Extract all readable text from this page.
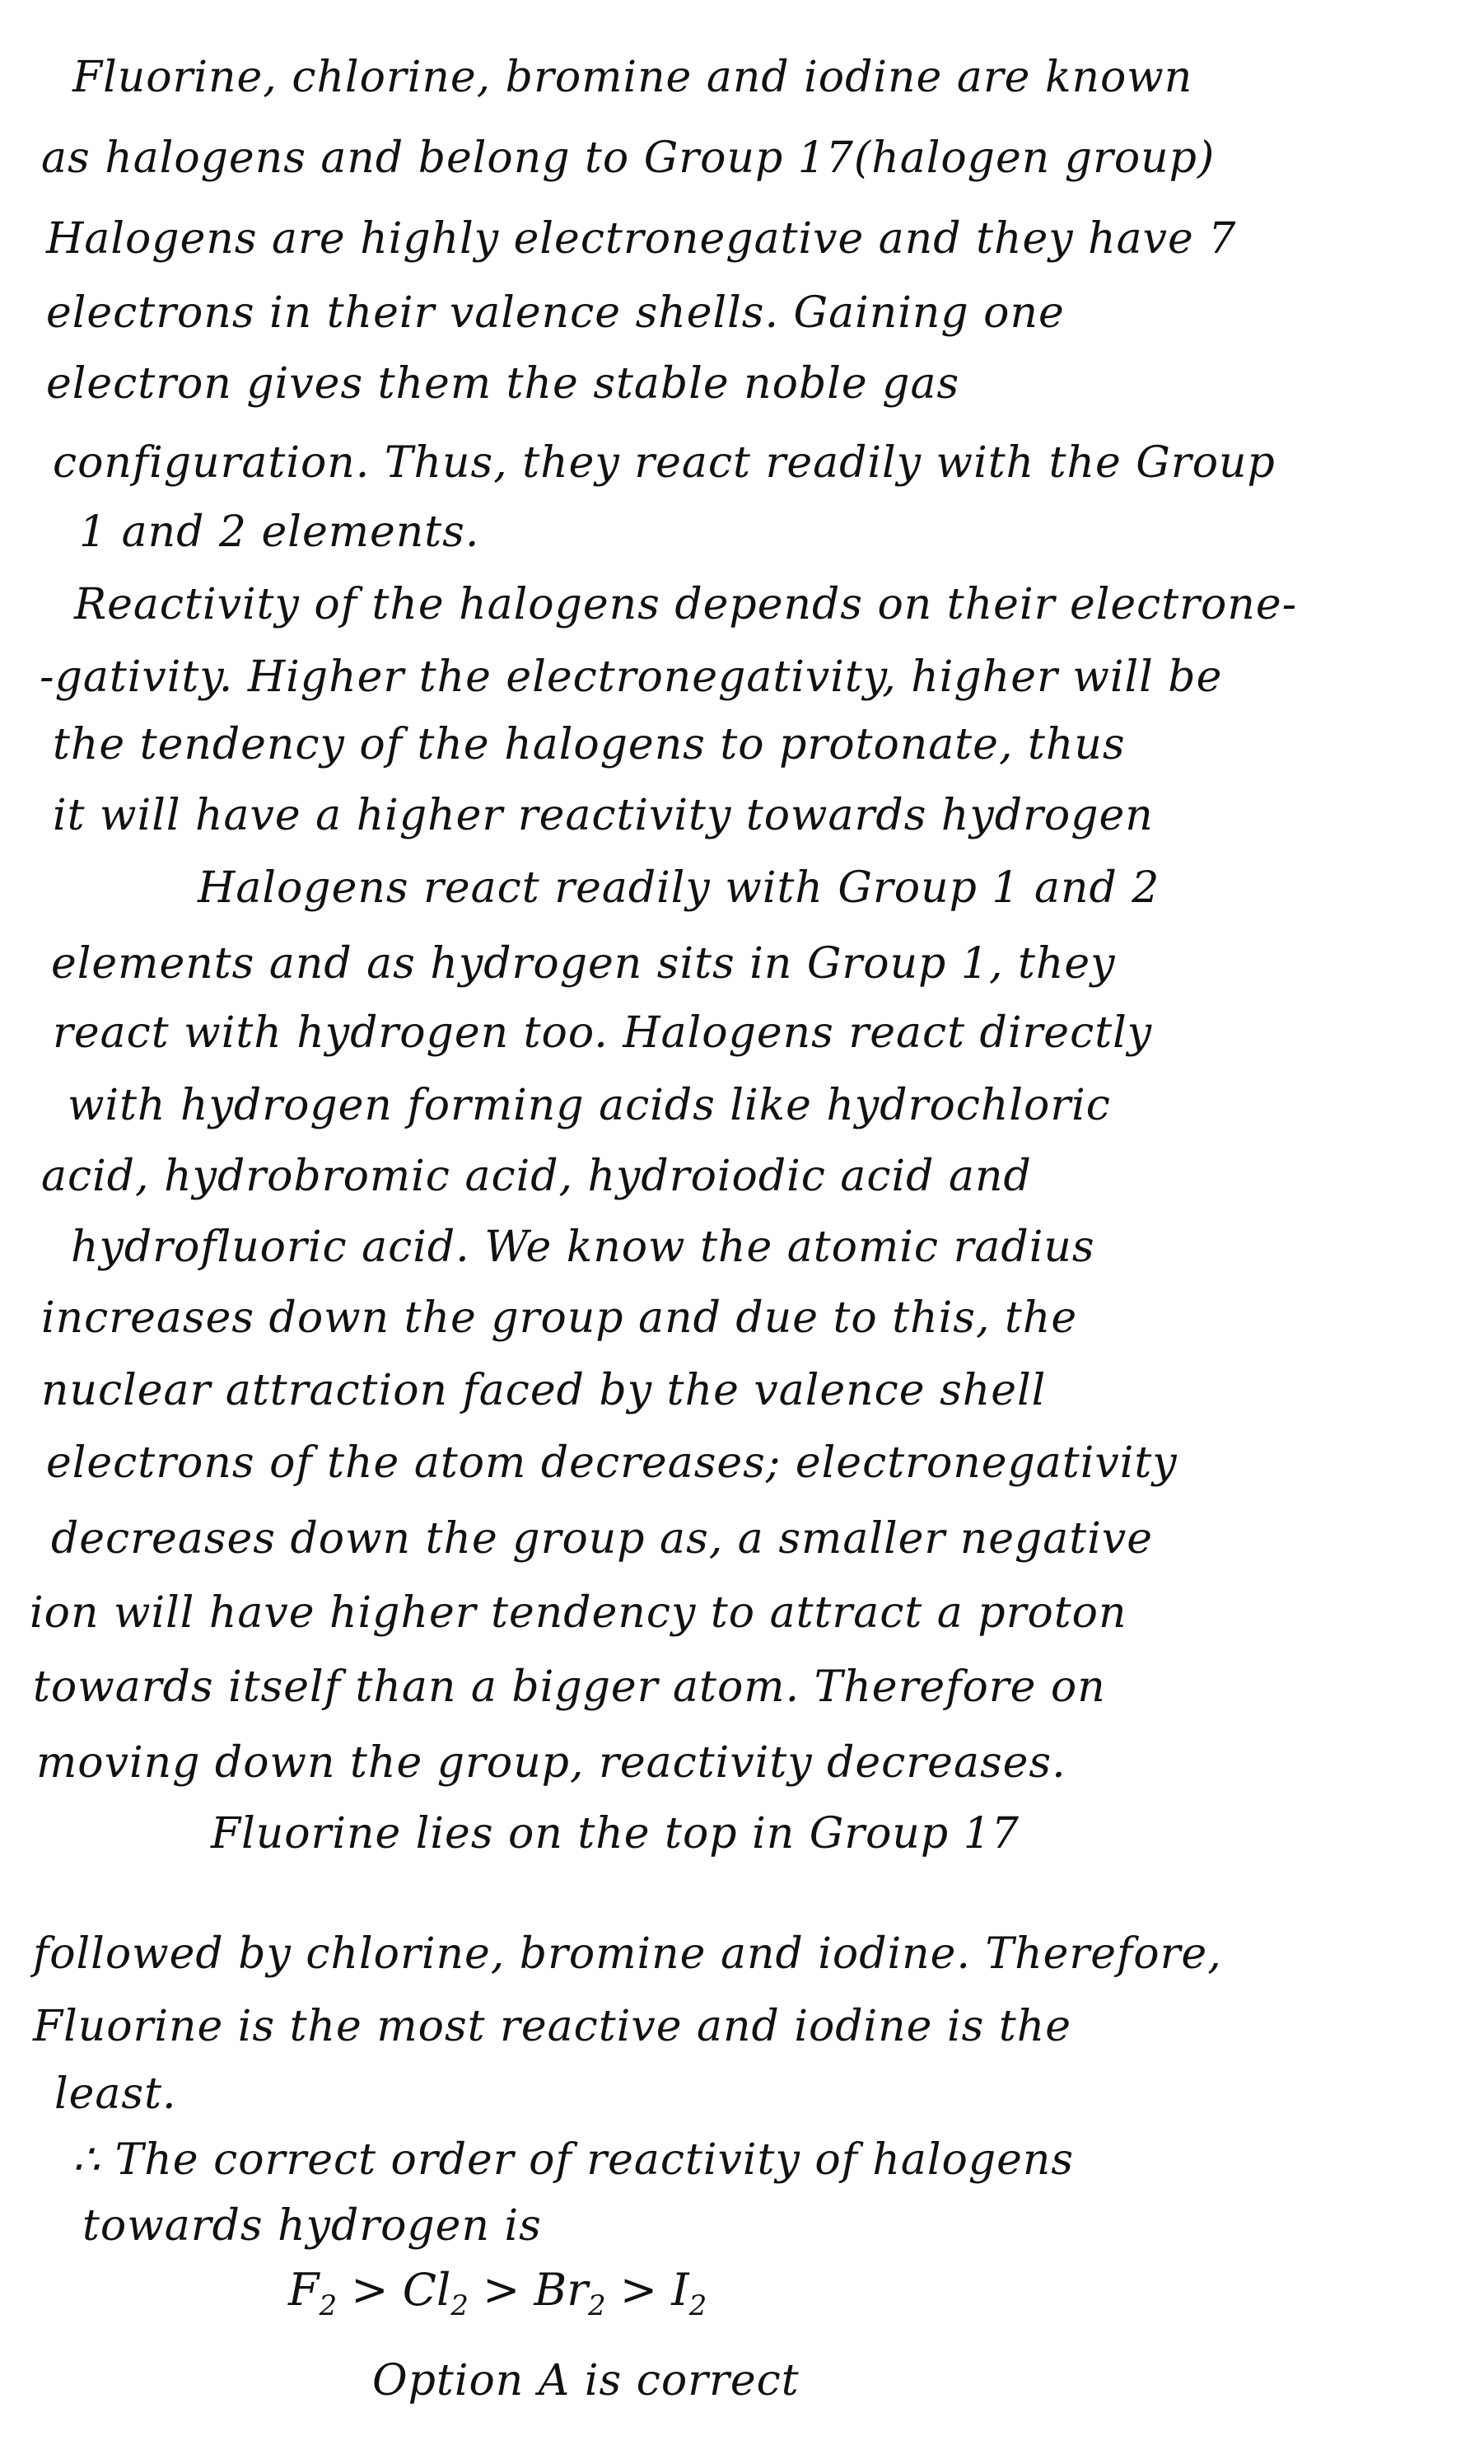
Fluorine, chlorine, bromine and iodine are known

as halogens and belong to Group 17(halogen group)

Halogens are highly electronegative and they have 7

electrons in their valence shells. Gaining one

electron gives them the stable noble gas

configuration. Thus, they react readily with the Group

1 and 2 elements.

Reactivity of the halogens depends on their electrone-

-gativity. Higher the electronegativity, higher will be

the tendency of the halogens to protonate, thus

it will have a higher reactivity towards hydrogen

Halogens react readily with Group 1 and 2

elements and as hydrogen sits in Group 1, they

react with hydrogen too. Halogens react directly

with hydrogen forming acids like hydrochloric

acid, hydrobromic acid, hydroiodic acid and

hydrofluoric acid. We know the atomic radius

increases down the group and due to this, the

nuclear attraction faced by the valence shell

electrons of the atom decreases; electronegativity

decreases down the group as, a smaller negative

ion will have higher tendency to attract a proton

towards itself than a bigger atom. Therefore on

moving down the group, reactivity decreases.

Fluorine lies on the top in Group 17

followed by chlorine, bromine and iodine. Therefore,

Fluorine is the most reactive and iodine is the

least.

∴ The correct order of reactivity of halogens

towards hydrogen is

$F_2 > Cl_2 > Br_2 > I_2$

Option A is correct
